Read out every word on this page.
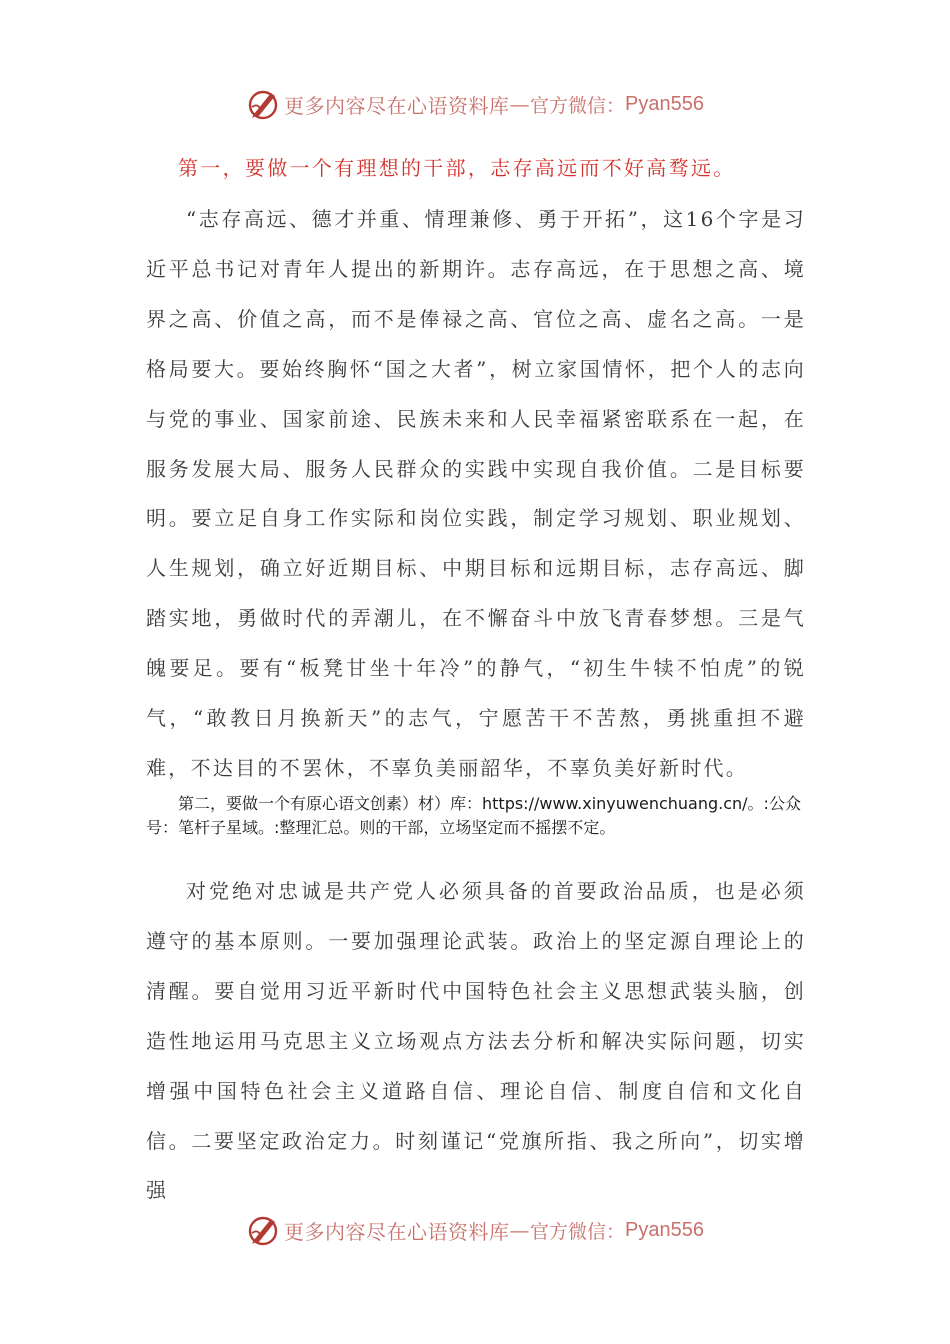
更多内容尽在心语资料库 — 官方微信： Pyan556
第一，要做一个有理想的干部，志存高远而不好高骛远。
“志存高远、德才并重、情理兼修、勇于开拓”，这16个字是习近平总书记对青年人提出的新期许。志存高远，在于思想之高、境界之高、价值之高，而不是俸禄之高、官位之高、虚名之高。一是格局要大。要始终胸怀“国之大者”，树立家国情怀，把个人的志向与党的事业、国家前途、民族未来和人民幸福紧密联系在一起，在服务发展大局、服务人民群众的实践中实现自我价值。二是目标要明。要立足自身工作实际和岗位实践，制定学习规划、职业规划、人生规划，确立好近期目标、中期目标和远期目标，志存高远、脚踏实地，勇做时代的弄潮儿，在不懈奋斗中放飞青春梦想。三是气魄要足。要有“板凳甘坐十年冷”的静气，“初生牛犊不怕虎”的锐气，“敢教日月换新天”的志气，宁愿苦干不苦熬，勇挑重担不避难，不达目的不罢休，不辜负美丽韶华，不辜负美好新时代。
第二，要做一个有原心语文创素）材）库：https://www.xinyuwenchuang.cn/。:公众号：笔杆子星域。:整理汇总。则的干部，立场坚定而不摇摆不定。
对党绝对忠诚是共产党人必须具备的首要政治品质，也是必须遵守的基本原则。一要加强理论武装。政治上的坚定源自理论上的清醒。要自觉用习近平新时代中国特色社会主义思想武装头脑，创造性地运用马克思主义立场观点方法去分析和解决实际问题，切实增强中国特色社会主义道路自信、理论自信、制度自信和文化自信。二要坚定政治定力。时刻谨记“党旗所指、我之所向”，切实增强
更多内容尽在心语资料库 — 官方微信： Pyan556
